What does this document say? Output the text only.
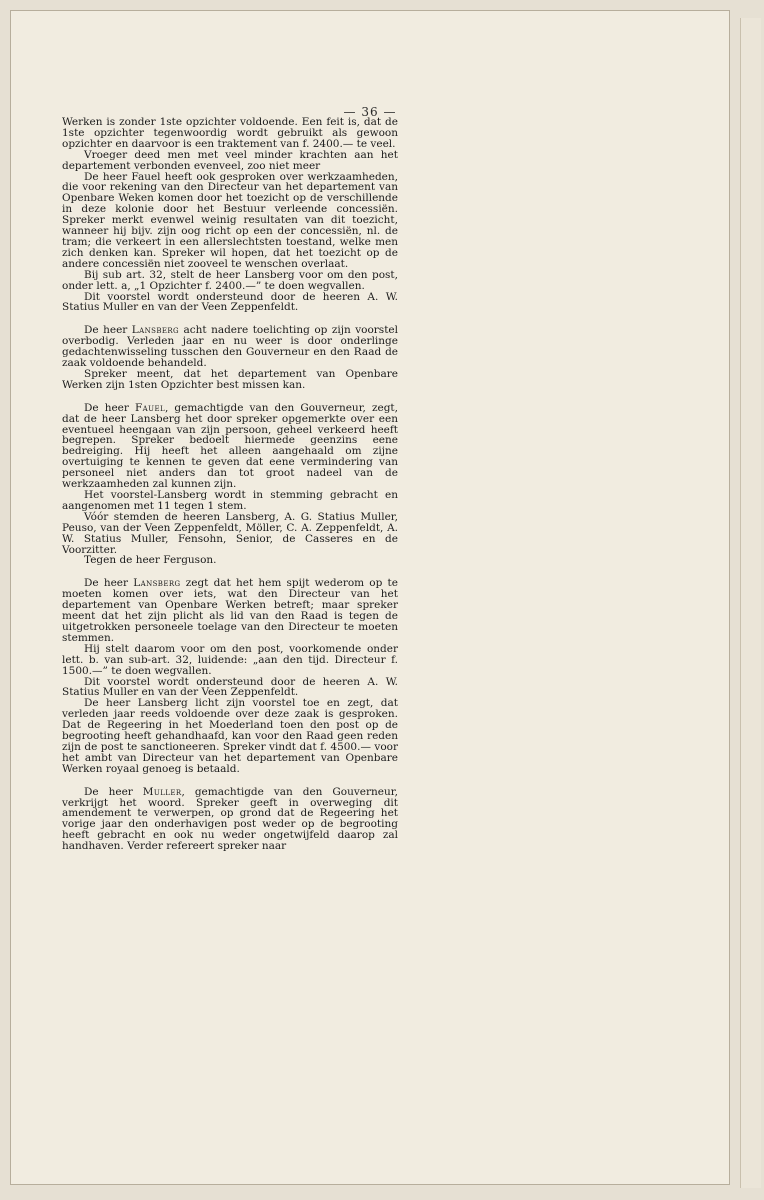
— 36 —

Werken is zonder 1ste opzichter voldoende. Een feit is, dat de 1ste opzichter tegenwoordig wordt gebruikt als gewoon opzichter en daarvoor is een traktement van f. 2400.— te veel.

Vroeger deed men met veel minder krachten aan het departement verbonden evenveel, zoo niet meer

De heer Fauel heeft ook gesproken over werkzaamheden, die voor rekening van den Directeur van het departement van Openbare Weken komen door het toezicht op de verschillende in deze kolonie door het Bestuur verleende concessiën. Spreker merkt evenwel weinig resultaten van dit toezicht, wanneer hij bijv. zijn oog richt op een der concessiën, nl. de tram; die verkeert in een allerslechtsten toestand, welke men zich denken kan. Spreker wil hopen, dat het toezicht op de andere concessiën niet zooveel te wenschen overlaat.

Bij sub art. 32, stelt de heer Lansberg voor om den post, onder lett. a, „1 Opzichter f. 2400.—” te doen wegvallen.

Dit voorstel wordt ondersteund door de heeren A. W. Statius Muller en van der Veen Zeppenfeldt.

De heer Lansberg acht nadere toelichting op zijn voorstel overbodig. Verleden jaar en nu weer is door onderlinge gedachtenwisseling tusschen den Gouverneur en den Raad de zaak voldoende behandeld.

Spreker meent, dat het departement van Openbare Werken zijn 1sten Opzichter best missen kan.

De heer Fauel, gemachtigde van den Gouverneur, zegt, dat de heer Lansberg het door spreker opgemerkte over een eventueel heengaan van zijn persoon, geheel verkeerd heeft begrepen. Spreker bedoelt hiermede geenzins eene bedreiging. Hij heeft het alleen aangehaald om zijne overtuiging te kennen te geven dat eene vermindering van personeel niet anders dan tot groot nadeel van de werkzaamheden zal kunnen zijn.

Het voorstel-Lansberg wordt in stemming gebracht en aangenomen met 11 tegen 1 stem.

Vóór stemden de heeren Lansberg, A. G. Statius Muller, Peuso, van der Veen Zeppenfeldt, Möller, C. A. Zeppenfeldt, A. W. Statius Muller, Fensohn, Senior, de Casseres en de Voorzitter.

Tegen de heer Ferguson.

De heer Lansberg zegt dat het hem spijt wederom op te moeten komen over iets, wat den Directeur van het departement van Openbare Werken betreft; maar spreker meent dat het zijn plicht als lid van den Raad is tegen de uitgetrokken personeele toelage van den Directeur te moeten stemmen.

Hij stelt daarom voor om den post, voorkomende onder lett. b. van sub-art. 32, luidende: „aan den tijd. Directeur f. 1500.—” te doen wegvallen.

Dit voorstel wordt ondersteund door de heeren A. W. Statius Muller en van der Veen Zeppenfeldt.

De heer Lansberg licht zijn voorstel toe en zegt, dat verleden jaar reeds voldoende over deze zaak is gesproken. Dat de Regeering in het Moederland toen den post op de begrooting heeft gehandhaafd, kan voor den Raad geen reden zijn de post te sanctioneeren. Spreker vindt dat f. 4500.— voor het ambt van Directeur van het departement van Openbare Werken royaal genoeg is betaald.

De heer Muller, gemachtigde van den Gouverneur, verkrijgt het woord. Spreker geeft in overweging dit amendement te verwerpen, op grond dat de Regeering het vorige jaar den onderhavigen post weder op de begrooting heeft gebracht en ook nu weder ongetwijfeld daarop zal handhaven. Verder refereert spreker naar
